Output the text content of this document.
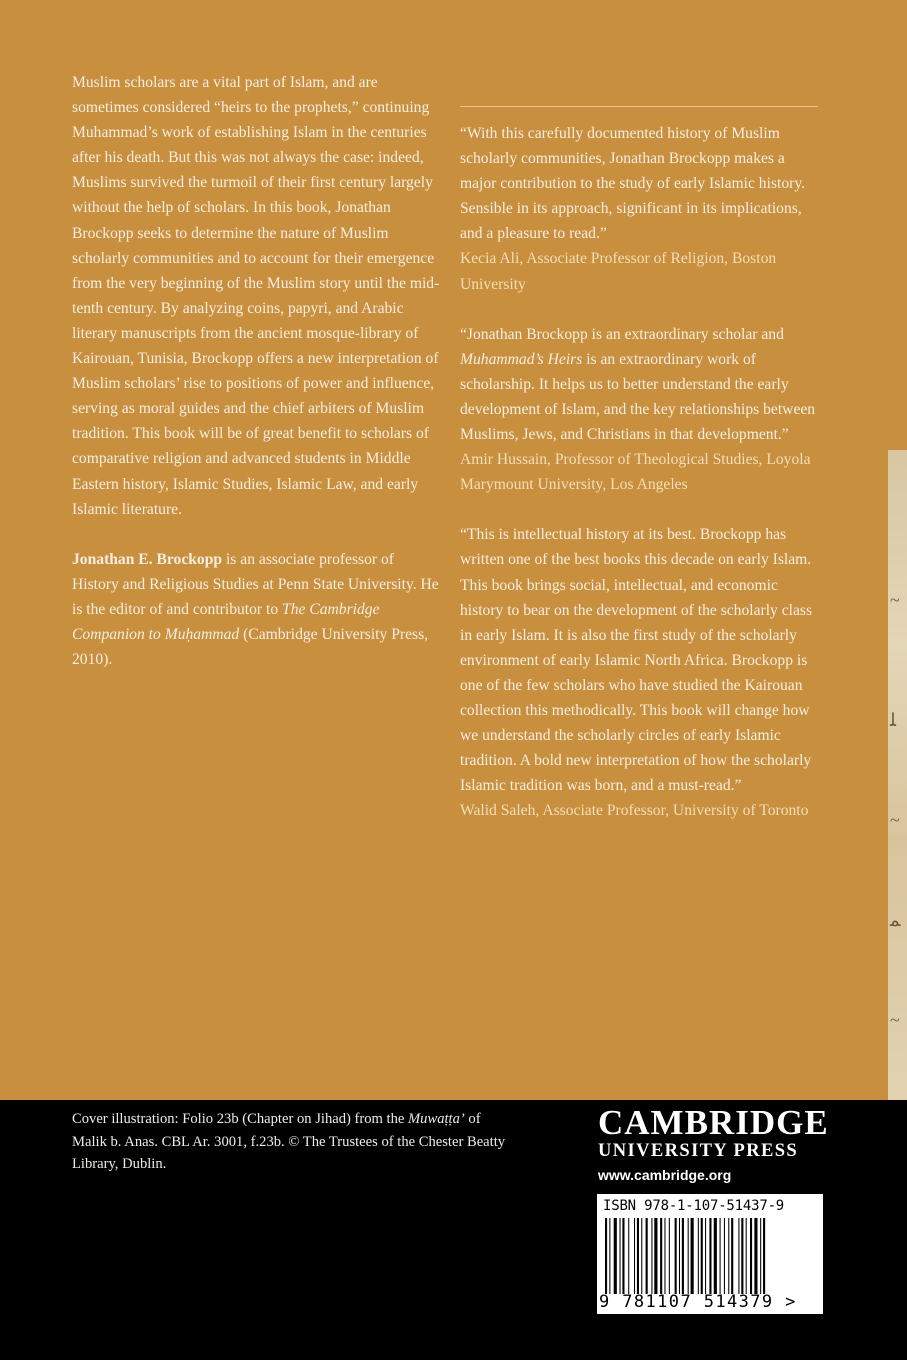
~
ﻠ
~
ﻤ
~

Muslim scholars are a vital part of Islam, and are sometimes considered “heirs to the prophets,” continuing Muhammad’s work of establishing Islam in the centuries after his death. But this was not always the case: indeed, Muslims survived the turmoil of their first century largely without the help of scholars. In this book, Jonathan Brockopp seeks to determine the nature of Muslim scholarly communities and to account for their emergence from the very beginning of the Muslim story until the mid-tenth century. By analyzing coins, papyri, and Arabic literary manuscripts from the ancient mosque-library of Kairouan, Tunisia, Brockopp offers a new interpretation of Muslim scholars’ rise to positions of power and influence, serving as moral guides and the chief arbiters of Muslim tradition. This book will be of great benefit to scholars of comparative religion and advanced students in Middle Eastern history, Islamic Studies, Islamic Law, and early Islamic literature.

Jonathan E. Brockopp is an associate professor of History and Religious Studies at Penn State University. He is the editor of and contributor to The Cambridge Companion to Muḥammad (Cambridge University Press, 2010).

“With this carefully documented history of Muslim scholarly communities, Jonathan Brockopp makes a major contribution to the study of early Islamic history. Sensible in its approach, significant in its implications, and a pleasure to read.”

Kecia Ali, Associate Professor of Religion, Boston University

“Jonathan Brockopp is an extraordinary scholar and Muhammad’s Heirs is an extraordinary work of scholarship. It helps us to better understand the early development of Islam, and the key relationships between Muslims, Jews, and Christians in that development.”

Amir Hussain, Professor of Theological Studies, Loyola Marymount University, Los Angeles

“This is intellectual history at its best. Brockopp has written one of the best books this decade on early Islam. This book brings social, intellectual, and economic history to bear on the development of the scholarly class in early Islam. It is also the first study of the scholarly environment of early Islamic North Africa. Brockopp is one of the few scholars who have studied the Kairouan collection this methodically. This book will change how we understand the scholarly circles of early Islamic tradition. A bold new interpretation of how the scholarly Islamic tradition was born, and a must-read.”

Walid Saleh, Associate Professor, University of Toronto

Cover illustration: Folio 23b (Chapter on Jihad) from the Muwaṭṭa’ of Malik b. Anas. CBL Ar. 3001, f.23b. © The Trustees of the Chester Beatty Library, Dublin.

CAMBRIDGE

UNIVERSITY PRESS

www.cambridge.org

ISBN 978-1-107-51437-9
9 781107 514379 >
